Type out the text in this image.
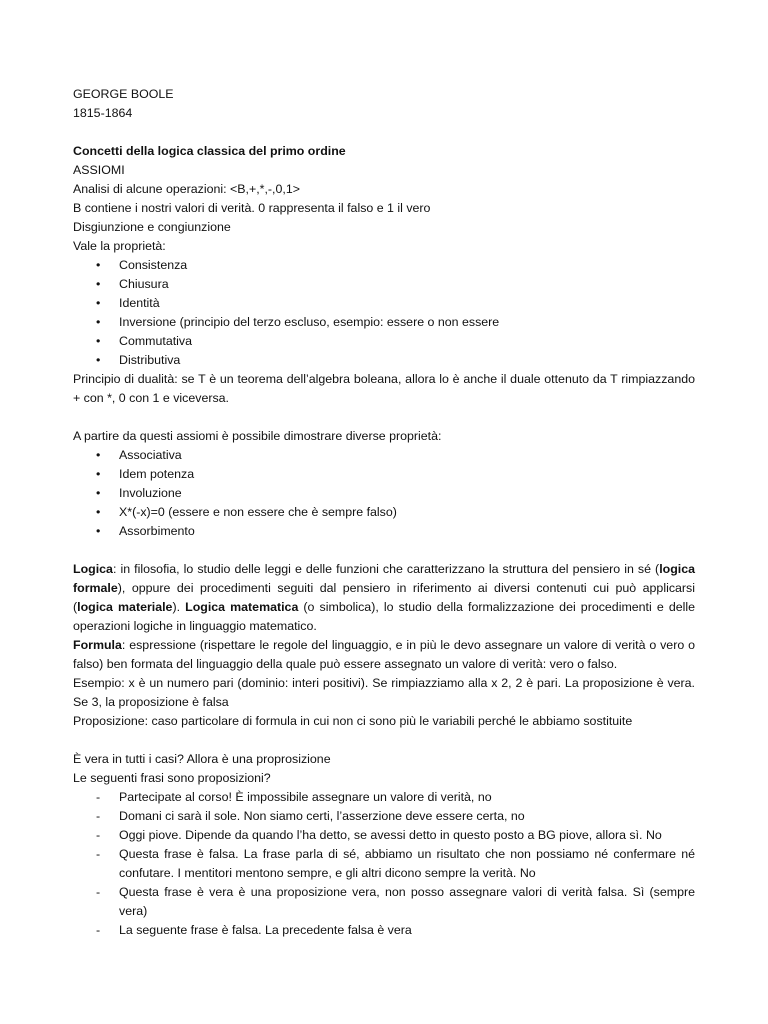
GEORGE BOOLE

1815-1864

Concetti della logica classica del primo ordine

ASSIOMI

Analisi di alcune operazioni: <B,+,*,-,0,1>

B contiene i nostri valori di verità. 0 rappresenta il falso e 1 il vero

Disgiunzione e congiunzione

Vale la proprietà:

• Consistenza
• Chiusura
• Identità
• Inversione (principio del terzo escluso, esempio: essere o non essere
• Commutativa
• Distributiva

Principio di dualità: se T è un teorema dell’algebra boleana, allora lo è anche il duale ottenuto da T rimpiazzando + con *, 0 con 1 e viceversa.

A partire da questi assiomi è possibile dimostrare diverse proprietà:

• Associativa
• Idem potenza
• Involuzione
• X*(-x)=0 (essere e non essere che è sempre falso)
• Assorbimento

Logica: in filosofia, lo studio delle leggi e delle funzioni che caratterizzano la struttura del pensiero in sé (logica formale), oppure dei procedimenti seguiti dal pensiero in riferimento ai diversi contenuti cui può applicarsi (logica materiale). Logica matematica (o simbolica), lo studio della formalizzazione dei procedimenti e delle operazioni logiche in linguaggio matematico.

Formula: espressione (rispettare le regole del linguaggio, e in più le devo assegnare un valore di verità o vero o falso) ben formata del linguaggio della quale può essere assegnato un valore di verità: vero o falso.

Esempio: x è un numero pari (dominio: interi positivi). Se rimpiazziamo alla x 2, 2 è pari. La proposizione è vera. Se 3, la proposizione è falsa

Proposizione: caso particolare di formula in cui non ci sono più le variabili perché le abbiamo sostituite

È vera in tutti i casi? Allora è una proprosizione

Le seguenti frasi sono proposizioni?

- Partecipate al corso! È impossibile assegnare un valore di verità, no
- Domani ci sarà il sole. Non siamo certi, l’asserzione deve essere certa, no
- Oggi piove. Dipende da quando l’ha detto, se avessi detto in questo posto a BG piove, allora sì. No
- Questa frase è falsa. La frase parla di sé, abbiamo un risultato che non possiamo né confermare né confutare. I mentitori mentono sempre, e gli altri dicono sempre la verità. No
- Questa frase è vera è una proposizione vera, non posso assegnare valori di verità falsa. Sì (sempre vera)
- La seguente frase è falsa. La precedente falsa è vera
